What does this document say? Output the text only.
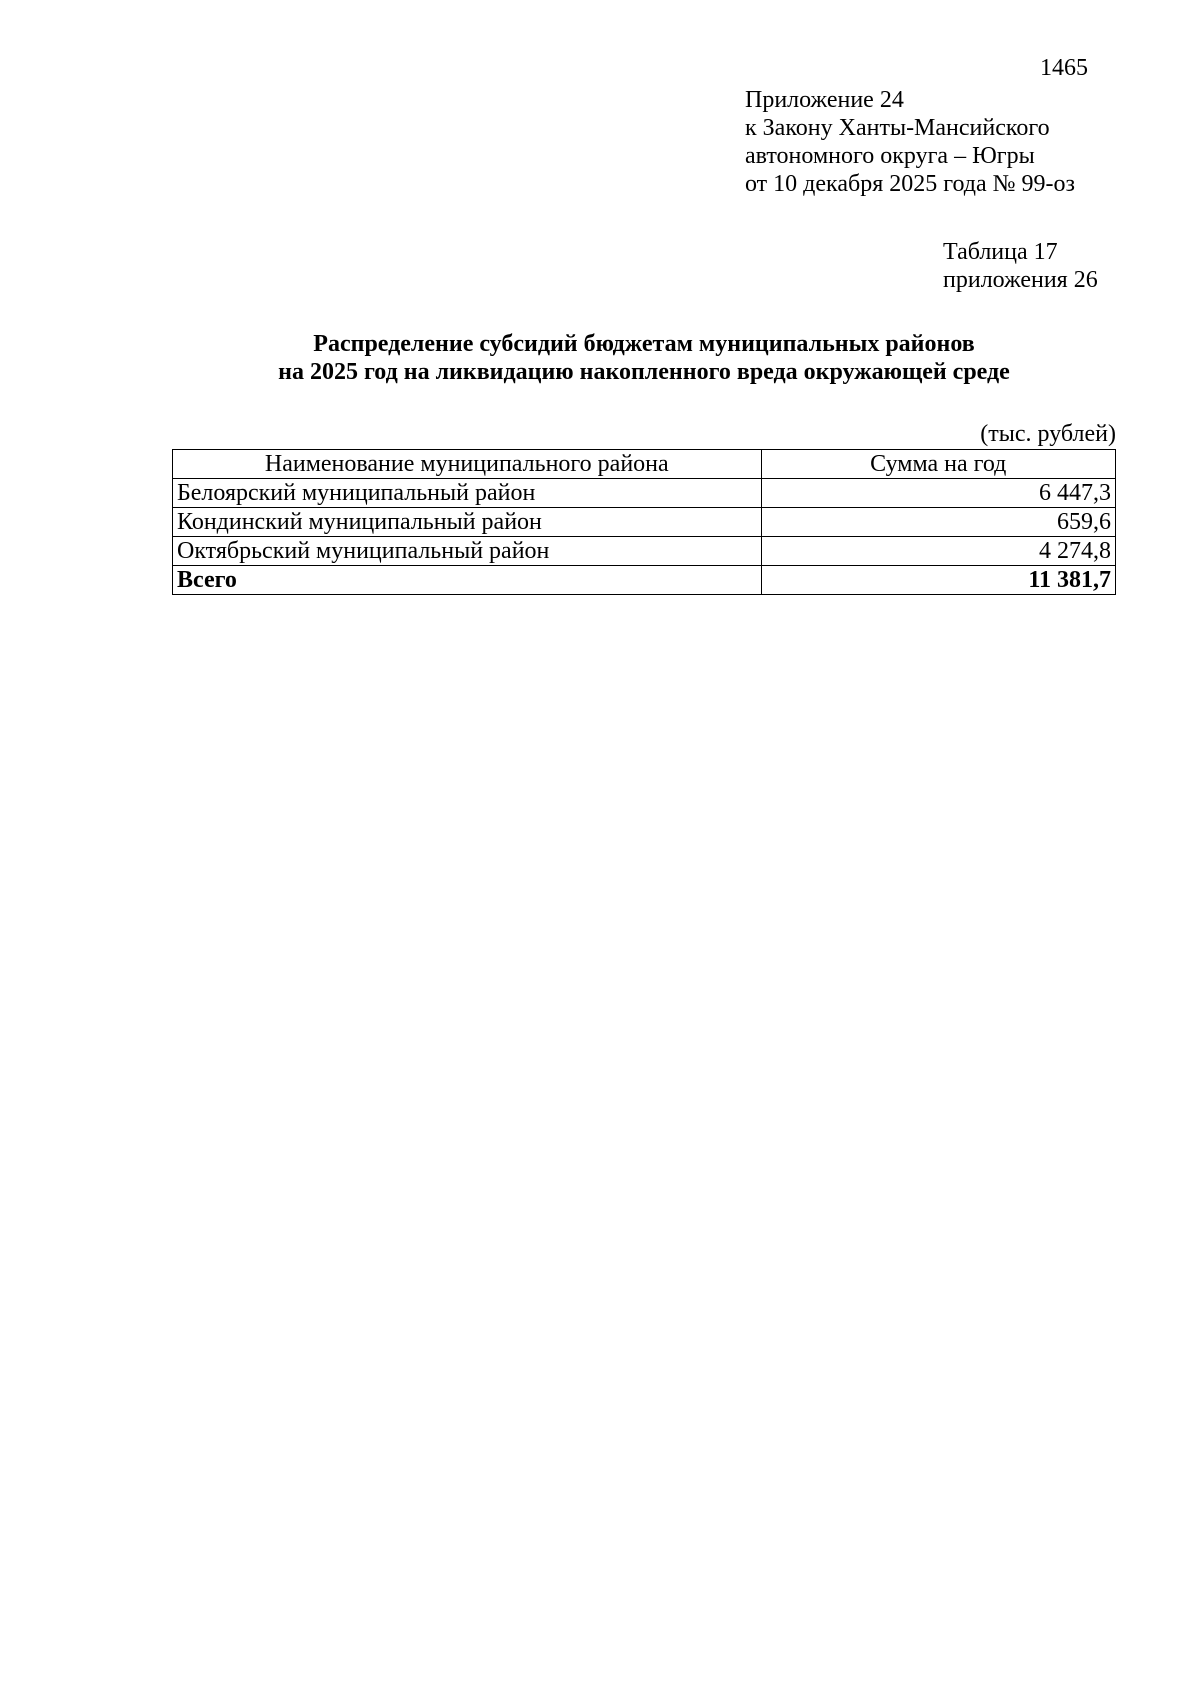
1465
Приложение 24
к Закону Ханты-Мансийского
автономного округа – Югры
от 10 декабря 2025 года № 99-оз
Таблица 17
приложения 26
Распределение субсидий бюджетам муниципальных районов
на 2025 год на ликвидацию накопленного вреда окружающей среде
(тыс. рублей)
Наименование муниципального района	Сумма на год
Белоярский муниципальный район	6 447,3
Кондинский муниципальный район	659,6
Октябрьский муниципальный район	4 274,8
Всего	11 381,7
